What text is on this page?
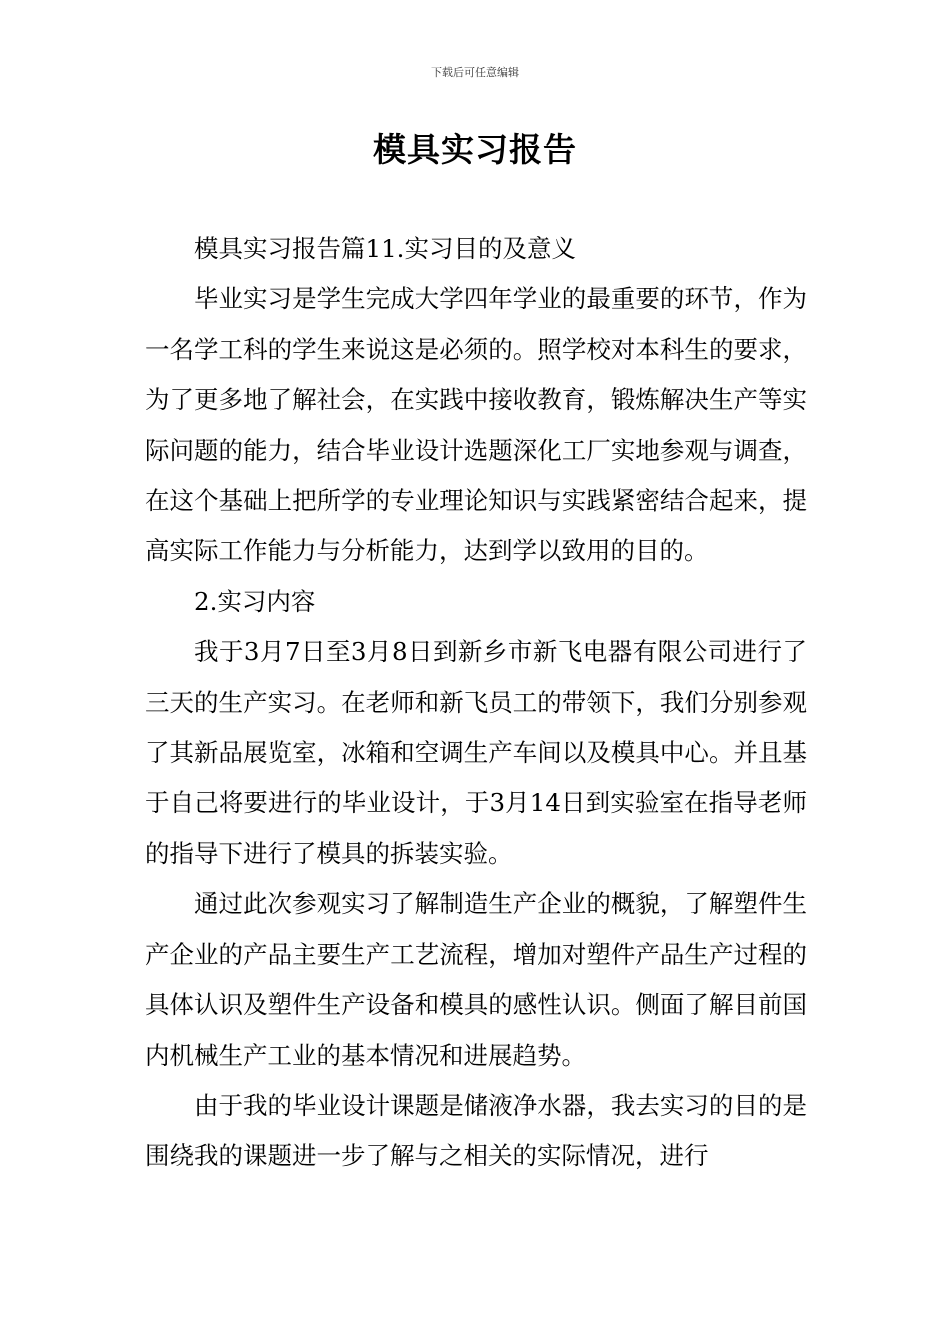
下载后可任意编辑
模具实习报告

模具实习报告篇11.实习目的及意义

毕业实习是学生完成大学四年学业的最重要的环节，作为一名学工科的学生来说这是必须的。照学校对本科生的要求，为了更多地了解社会，在实践中接收教育，锻炼解决生产等实际问题的能力，结合毕业设计选题深化工厂实地参观与调查，在这个基础上把所学的专业理论知识与实践紧密结合起来，提高实际工作能力与分析能力，达到学以致用的目的。

2.实习内容

我于3月7日至3月8日到新乡市新飞电器有限公司进行了三天的生产实习。在老师和新飞员工的带领下，我们分别参观了其新品展览室，冰箱和空调生产车间以及模具中心。并且基于自己将要进行的毕业设计，于3月14日到实验室在指导老师的指导下进行了模具的拆装实验。

通过此次参观实习了解制造生产企业的概貌，了解塑件生产企业的产品主要生产工艺流程，增加对塑件产品生产过程的具体认识及塑件生产设备和模具的感性认识。侧面了解目前国内机械生产工业的基本情况和进展趋势。

由于我的毕业设计课题是储液净水器，我去实习的目的是围绕我的课题进一步了解与之相关的实际情况，进行
